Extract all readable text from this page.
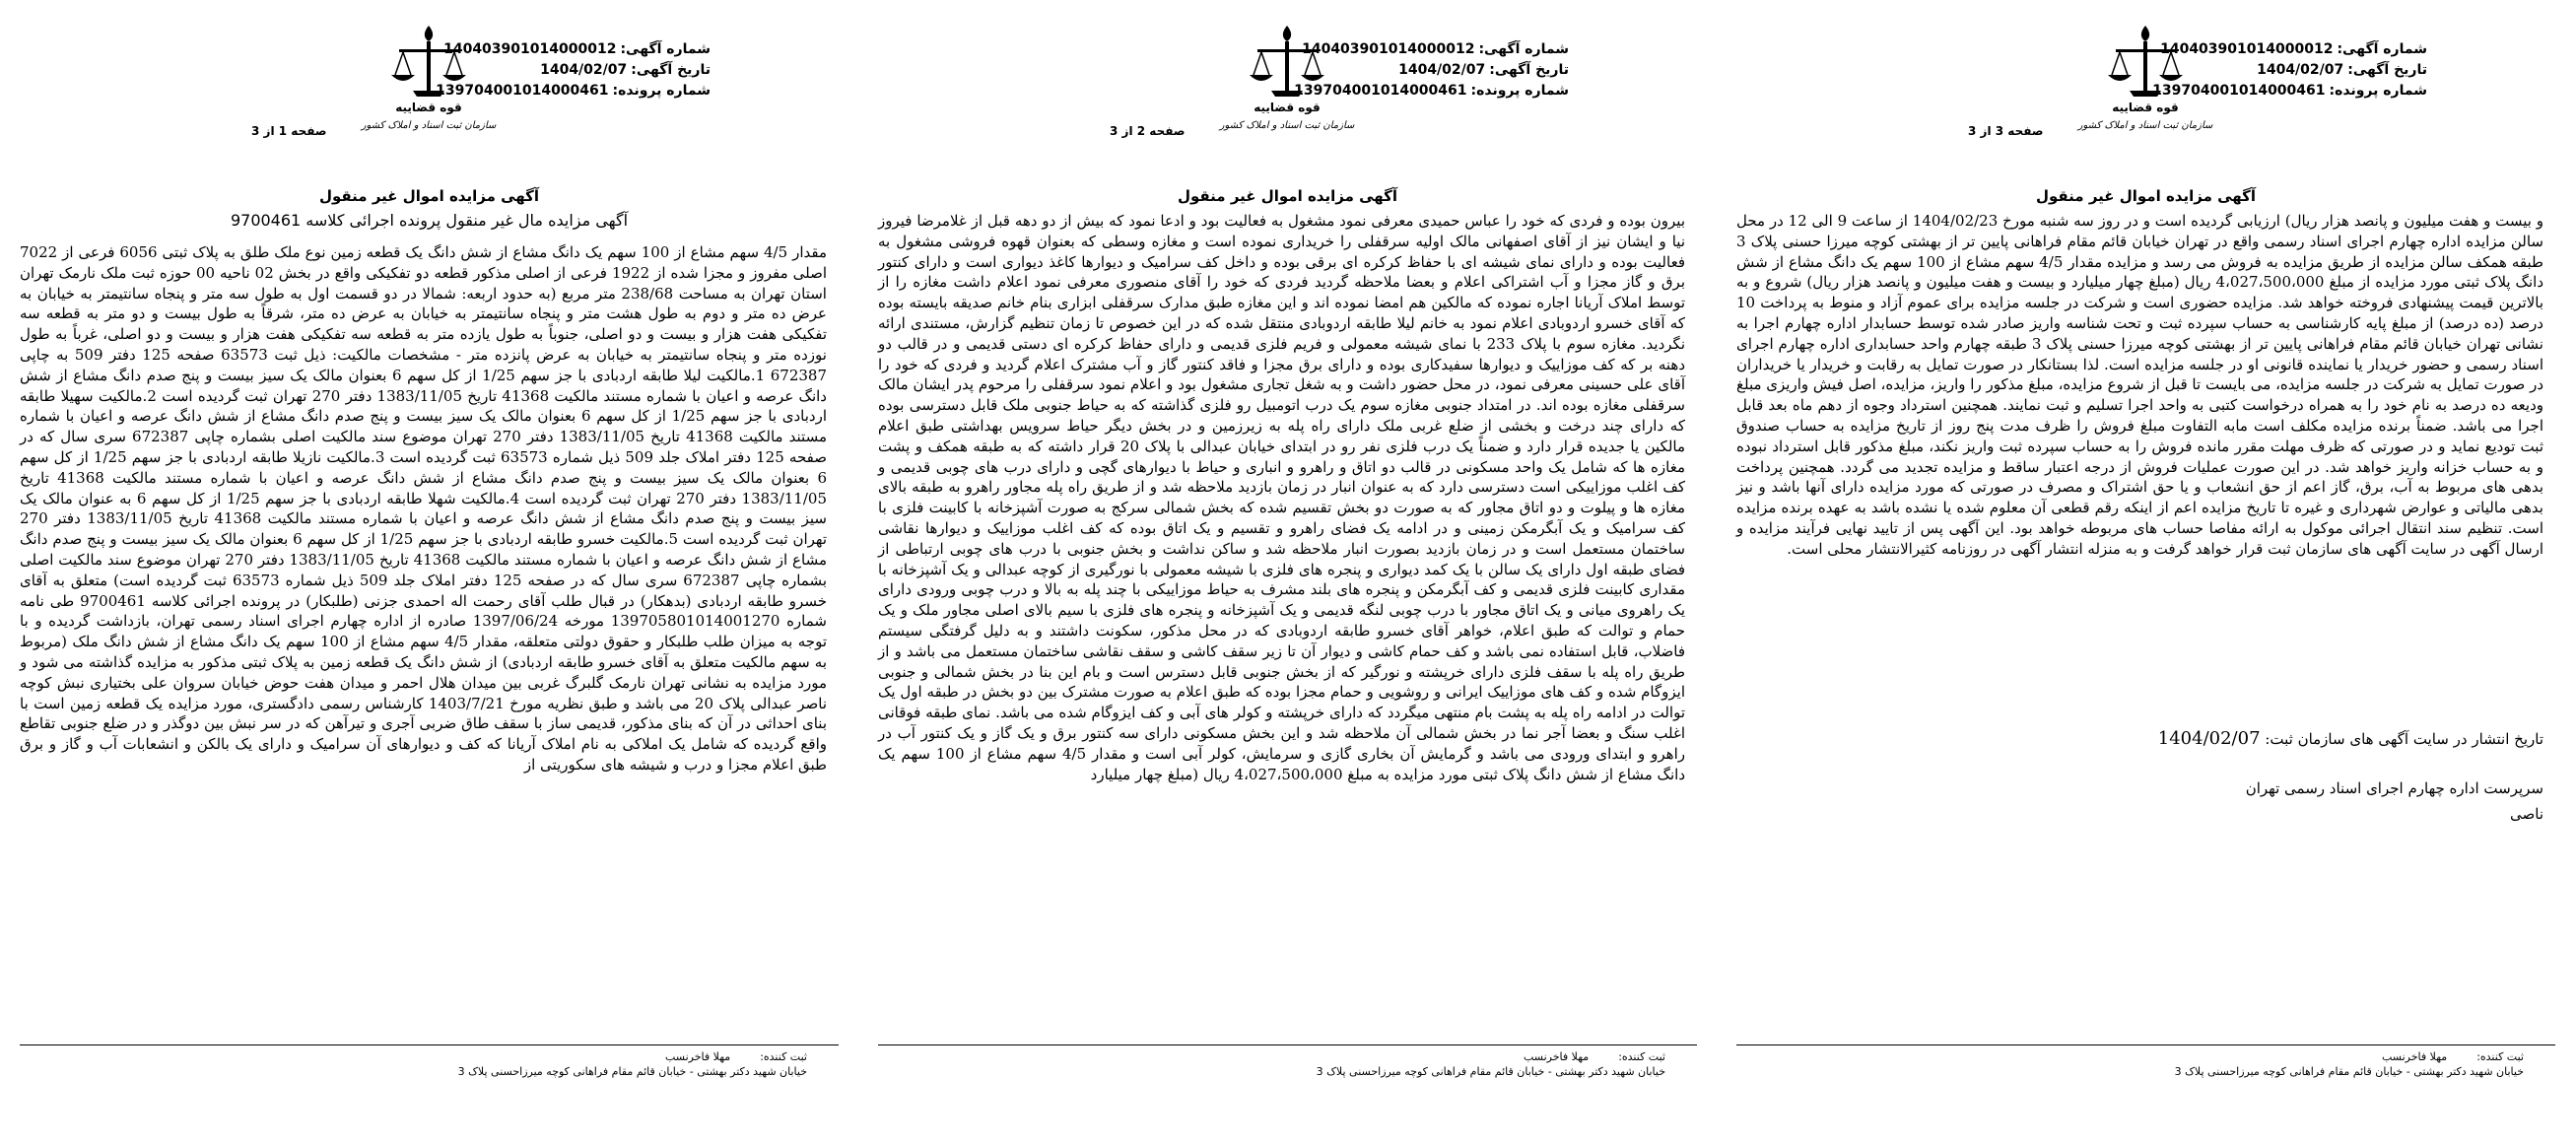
صفحه 1 از 3
قوه قضاییه
سازمان ثبت اسناد و املاک کشور
شماره آگهی:
140403901014000012
تاریخ آگهی:
1404/02/07
شماره پرونده:
139704001014000461
آگهی مزایده اموال غیر منقول
آگهی مزایده مال غیر منقول پرونده اجرائی کلاسه 9700461
مقدار 4/5 سهم مشاع از 100 سهم یک دانگ مشاع از شش دانگ یک قطعه زمین نوع ملک طلق به پلاک ثبتی 6056 فرعی از 7022 اصلی مفروز و مجزا شده از 1922 فرعی از اصلی مذکور قطعه دو تفکیکی واقع در بخش 02 ناحیه 00 حوزه ثبت ملک نارمک تهران استان تهران به مساحت 238/68 متر مربع (به حدود اربعه: شمالا در دو قسمت اول به طول سه متر و پنجاه سانتیمتر به خیابان به عرض ده متر و دوم به طول هشت متر و پنجاه سانتیمتر به خیابان به عرض ده متر، شرقاً به طول بیست و دو متر به قطعه سه تفکیکی هفت هزار و بیست و دو اصلی، جنوباً به طول یازده متر به قطعه سه تفکیکی هفت هزار و بیست و دو اصلی، غرباً به طول نوزده متر و پنجاه سانتیمتر به خیابان به عرض پانزده متر - مشخصات مالکیت: ذیل ثبت 63573 صفحه 125 دفتر 509 به چاپی 672387 1.مالکیت لیلا طابقه اردبادی با جز سهم 1/25 از کل سهم 6 بعنوان مالک یک سیز بیست و پنج صدم دانگ مشاع از شش دانگ عرصه و اعیان با شماره مستند مالکیت 41368 تاریخ 1383/11/05 دفتر 270 تهران ثبت گردیده است 2.مالکیت سهیلا طابقه اردبادی با جز سهم 1/25 از کل سهم 6 بعنوان مالک یک سیز بیست و پنج صدم دانگ مشاع از شش دانگ عرصه و اعیان با شماره مستند مالکیت 41368 تاریخ 1383/11/05 دفتر 270 تهران موضوع سند مالکیت اصلی بشماره چاپی 672387 سری سال که در صفحه 125 دفتر املاک جلد 509 ذیل شماره 63573 ثبت گردیده است 3.مالکیت نازیلا طابقه اردبادی با جز سهم 1/25 از کل سهم 6 بعنوان مالک یک سیز بیست و پنج صدم دانگ مشاع از شش دانگ عرصه و اعیان با شماره مستند مالکیت 41368 تاریخ 1383/11/05 دفتر 270 تهران ثبت گردیده است 4.مالکیت شهلا طابقه اردبادی با جز سهم 1/25 از کل سهم 6 به عنوان مالک یک سیز بیست و پنج صدم دانگ مشاع از شش دانگ عرصه و اعیان با شماره مستند مالکیت 41368 تاریخ 1383/11/05 دفتر 270 تهران ثبت گردیده است 5.مالکیت خسرو طابقه اردبادی با جز سهم 1/25 از کل سهم 6 بعنوان مالک یک سیز بیست و پنج صدم دانگ مشاع از شش دانگ عرصه و اعیان با شماره مستند مالکیت 41368 تاریخ 1383/11/05 دفتر 270 تهران موضوع سند مالکیت اصلی بشماره چاپی 672387 سری سال که در صفحه 125 دفتر املاک جلد 509 ذیل شماره 63573 ثبت گردیده است) متعلق به آقای خسرو طابقه اردبادی (بدهکار) در قبال طلب آقای رحمت اله احمدی جزنی (طلبکار) در پرونده اجرائی کلاسه 9700461 طی نامه شماره 139705801014001270 مورخه 1397/06/24 صادره از اداره چهارم اجرای اسناد رسمی تهران، بازداشت گردیده و با توجه به میزان طلب طلبکار و حقوق دولتی متعلقه، مقدار 4/5 سهم مشاع از 100 سهم یک دانگ مشاع از شش دانگ ملک (مربوط به سهم مالکیت متعلق به آقای خسرو طابقه اردبادی) از شش دانگ یک قطعه زمین به پلاک ثبتی مذکور به مزایده گذاشته می شود و مورد مزایده به نشانی تهران نارمک گلبرگ غربی بین میدان هلال احمر و میدان هفت حوض خیابان سروان علی بختیاری نبش کوچه ناصر عبدالی پلاک 20 می باشد و طبق نظریه مورخ 1403/7/21 کارشناس رسمی دادگستری، مورد مزایده یک قطعه زمین است با بنای احداثی در آن که بنای مذکور، قدیمی ساز با سقف طاق ضربی آجری و تیرآهن که در سر نبش بین دوگذر و در ضلع جنوبی تقاطع واقع گردیده که شامل یک املاکی به نام املاک آریانا که کف و دیوارهای آن سرامیک و دارای یک بالکن و انشعابات آب و گاز و برق طبق اعلام مجزا و درب و شیشه های سکوریتی از
ثبت کننده:
مهلا فاخرنسب
خیابان شهید دکتر بهشتی - خیابان قائم مقام فراهانی کوچه میرزاحسنی پلاک 3
صفحه 2 از 3
قوه قضاییه
سازمان ثبت اسناد و املاک کشور
شماره آگهی:
140403901014000012
تاریخ آگهی:
1404/02/07
شماره پرونده:
139704001014000461
آگهی مزایده اموال غیر منقول
بیرون بوده و فردی که خود را عباس حمیدی معرفی نمود مشغول به فعالیت بود و ادعا نمود که بیش از دو دهه قبل از غلامرضا فیروز نیا و ایشان نیز از آقای اصفهانی مالک اولیه سرقفلی را خریداری نموده است و مغازه وسطی که بعنوان قهوه فروشی مشغول به فعالیت بوده و دارای نمای شیشه ای با حفاظ کرکره ای برقی بوده و داخل کف سرامیک و دیوارها کاغذ دیواری است و دارای کنتور برق و گاز مجزا و آب اشتراکی اعلام و بعضا ملاحظه گردید فردی که خود را آقای منصوری معرفی نمود اعلام داشت مغازه را از توسط املاک آریانا اجاره نموده که مالکین هم امضا نموده اند و این مغازه طبق مدارک سرقفلی ابزاری بنام خانم صدیقه بایسته بوده که آقای خسرو اردوبادی اعلام نمود به خانم لیلا طابقه اردوبادی منتقل شده که در این خصوص تا زمان تنظیم گزارش، مستندی ارائه نگردید. مغازه سوم با پلاک 233 با نمای شیشه معمولی و فریم فلزی قدیمی و دارای حفاظ کرکره ای دستی قدیمی و در قالب دو دهنه بر که کف موزاییک و دیوارها سفیدکاری بوده و دارای برق مجزا و فاقد کنتور گاز و آب مشترک اعلام گردید و فردی که خود را آقای علی حسینی معرفی نمود، در محل حضور داشت و به شغل تجاری مشغول بود و اعلام نمود سرقفلی را مرحوم پدر ایشان مالک سرقفلی مغازه بوده اند. در امتداد جنوبی مغازه سوم یک درب اتومبیل رو فلزی گذاشته که به حیاط جنوبی ملک قابل دسترسی بوده که دارای چند درخت و بخشی از ضلع غربی ملک دارای راه پله به زیرزمین و در بخش دیگر حیاط سرویس بهداشتی طبق اعلام مالکین یا جدیده قرار دارد و ضمناً یک درب فلزی نفر رو در ابتدای خیابان عبدالی با پلاک 20 قرار داشته که به طبقه همکف و پشت مغازه ها که شامل یک واحد مسکونی در قالب دو اتاق و راهرو و انباری و حیاط با دیوارهای گچی و دارای درب های چوبی قدیمی و کف اغلب موزاییکی است دسترسی دارد که به عنوان انبار در زمان بازدید ملاحظه شد و از طریق راه پله مجاور راهرو به طبقه بالای مغازه ها و پیلوت و دو اتاق مجاور که به صورت دو بخش تقسیم شده که بخش شمالی سرکج به صورت آشپزخانه با کابینت فلزی با کف سرامیک و یک آبگرمکن زمینی و در ادامه یک فضای راهرو و تقسیم و یک اتاق بوده که کف اغلب موزاییک و دیوارها نقاشی ساختمان مستعمل است و در زمان بازدید بصورت انبار ملاحظه شد و ساکن نداشت و بخش جنوبی با درب های چوبی ارتباطی از فضای طبقه اول دارای یک سالن با یک کمد دیواری و پنجره های فلزی با شیشه معمولی با نورگیری از کوچه عبدالی و یک آشپزخانه با مقداری کابینت فلزی قدیمی و کف آبگرمکن و پنجره های بلند مشرف به حیاط موزاییکی با چند پله به بالا و درب چوبی ورودی دارای یک راهروی میانی و یک اتاق مجاور با درب چوبی لنگه قدیمی و یک آشپزخانه و پنجره های فلزی با سیم بالای اصلی مجاور ملک و یک حمام و توالت که طبق اعلام، خواهر آقای خسرو طابقه اردوبادی که در محل مذکور، سکونت داشتند و به دلیل گرفتگی سیستم فاضلاب، قابل استفاده نمی باشد و کف حمام کاشی و دیوار آن تا زیر سقف کاشی و سقف نقاشی ساختمان مستعمل می باشد و از طریق راه پله با سقف فلزی دارای خرپشته و نورگیر که از بخش جنوبی قابل دسترس است و بام این بنا در بخش شمالی و جنوبی ایزوگام شده و کف های موزاییک ایرانی و روشویی و حمام مجزا بوده که طبق اعلام به صورت مشترک بین دو بخش در طبقه اول یک توالت در ادامه راه پله به پشت بام منتهی میگردد که دارای خرپشته و کولر های آبی و کف ایزوگام شده می باشد. نمای طبقه فوقانی اغلب سنگ و بعضا آجر نما در بخش شمالی آن ملاحظه شد و این بخش مسکونی دارای سه کنتور برق و یک گاز و یک کنتور آب در راهرو و ابتدای ورودی می باشد و گرمایش آن بخاری گازی و سرمایش، کولر آبی است و مقدار 4/5 سهم مشاع از 100 سهم یک دانگ مشاع از شش دانگ پلاک ثبتی مورد مزایده به مبلغ 4،027،500،000 ریال (مبلغ چهار میلیارد
ثبت کننده:
مهلا فاخرنسب
خیابان شهید دکتر بهشتی - خیابان قائم مقام فراهانی کوچه میرزاحسنی پلاک 3
صفحه 3 از 3
قوه قضاییه
سازمان ثبت اسناد و املاک کشور
شماره آگهی:
140403901014000012
تاریخ آگهی:
1404/02/07
شماره پرونده:
139704001014000461
آگهی مزایده اموال غیر منقول
و بیست و هفت میلیون و پانصد هزار ریال) ارزیابی گردیده است و در روز سه شنبه مورخ 1404/02/23 از ساعت 9 الی 12 در محل سالن مزایده اداره چهارم اجرای اسناد رسمی واقع در تهران خیابان قائم مقام فراهانی پایین تر از بهشتی کوچه میرزا حسنی پلاک 3 طبقه همکف سالن مزایده از طریق مزایده به فروش می رسد و مزایده مقدار 4/5 سهم مشاع از 100 سهم یک دانگ مشاع از شش دانگ پلاک ثبتی مورد مزایده از مبلغ 4،027،500،000 ریال (مبلغ چهار میلیارد و بیست و هفت میلیون و پانصد هزار ریال) شروع و به بالاترین قیمت پیشنهادی فروخته خواهد شد. مزایده حضوری است و شرکت در جلسه مزایده برای عموم آزاد و منوط به پرداخت 10 درصد (ده درصد) از مبلغ پایه کارشناسی به حساب سپرده ثبت و تحت شناسه واریز صادر شده توسط حسابدار اداره چهارم اجرا به نشانی تهران خیابان قائم مقام فراهانی پایین تر از بهشتی کوچه میرزا حسنی پلاک 3 طبقه چهارم واحد حسابداری اداره چهارم اجرای اسناد رسمی و حضور خریدار یا نماینده قانونی او در جلسه مزایده است. لذا بستانکار در صورت تمایل به رقابت و خریدار یا خریداران در صورت تمایل به شرکت در جلسه مزایده، می بایست تا قبل از شروع مزایده، مبلغ مذکور را واریز، مزایده، اصل فیش واریزی مبلغ ودیعه ده درصد به نام خود را به همراه درخواست کتبی به واحد اجرا تسلیم و ثبت نمایند. همچنین استرداد وجوه از دهم ماه بعد قابل اجرا می باشد. ضمناً برنده مزایده مکلف است مابه التفاوت مبلغ فروش را ظرف مدت پنج روز از تاریخ مزایده به حساب صندوق ثبت تودیع نماید و در صورتی که ظرف مهلت مقرر مانده فروش را به حساب سپرده ثبت واریز نکند، مبلغ مذکور قابل استرداد نبوده و به حساب خزانه واریز خواهد شد. در این صورت عملیات فروش از درجه اعتبار ساقط و مزایده تجدید می گردد. همچنین پرداخت بدهی های مربوط به آب، برق، گاز اعم از حق انشعاب و یا حق اشتراک و مصرف در صورتی که مورد مزایده دارای آنها باشد و نیز بدهی مالیاتی و عوارض شهرداری و غیره تا تاریخ مزایده اعم از اینکه رقم قطعی آن معلوم شده یا نشده باشد به عهده برنده مزایده است. تنظیم سند انتقال اجرائی موکول به ارائه مفاصا حساب های مربوطه خواهد بود. این آگهی پس از تایید نهایی فرآیند مزایده و ارسال آگهی در سایت آگهی های سازمان ثبت قرار خواهد گرفت و به منزله انتشار آگهی در روزنامه کثیرالانتشار محلی است.
تاریخ انتشار در سایت آگهی های سازمان ثبت: 1404/02/07
سرپرست اداره چهارم اجرای اسناد رسمی تهران
ناصی
ثبت کننده:
مهلا فاخرنسب
خیابان شهید دکتر بهشتی - خیابان قائم مقام فراهانی کوچه میرزاحسنی پلاک 3
